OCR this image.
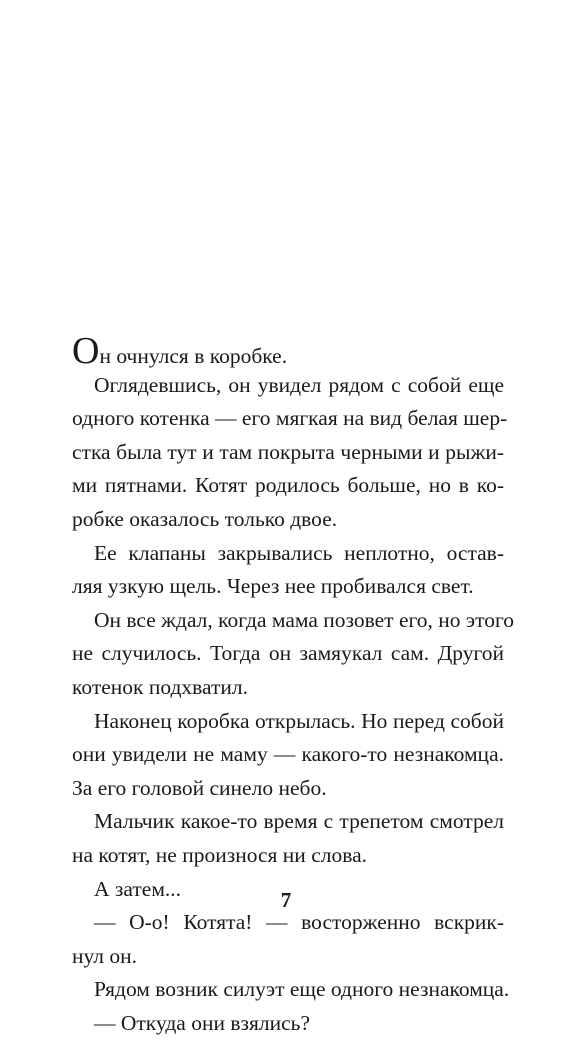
Он очнулся в коробке.
Оглядевшись, он увидел рядом с собой еще
одного котенка — его мягкая на вид белая шер-
стка была тут и там покрыта черными и рыжи-
ми пятнами. Котят родилось больше, но в ко-
робке оказалось только двое.
Ее клапаны закрывались неплотно, остав-
ляя узкую щель. Через нее пробивался свет.
Он все ждал, когда мама позовет его, но этого
не случилось. Тогда он замяукал сам. Другой
котенок подхватил.
Наконец коробка открылась. Но перед собой
они увидели не маму — какого-то незнакомца.
За его головой синело небо.
Мальчик какое-то время с трепетом смотрел
на котят, не произнося ни слова.
А затем...
— О-о! Котята! — восторженно вскрик-
нул он.
Рядом возник силуэт еще одного незнакомца.
— Откуда они взялись?
7
